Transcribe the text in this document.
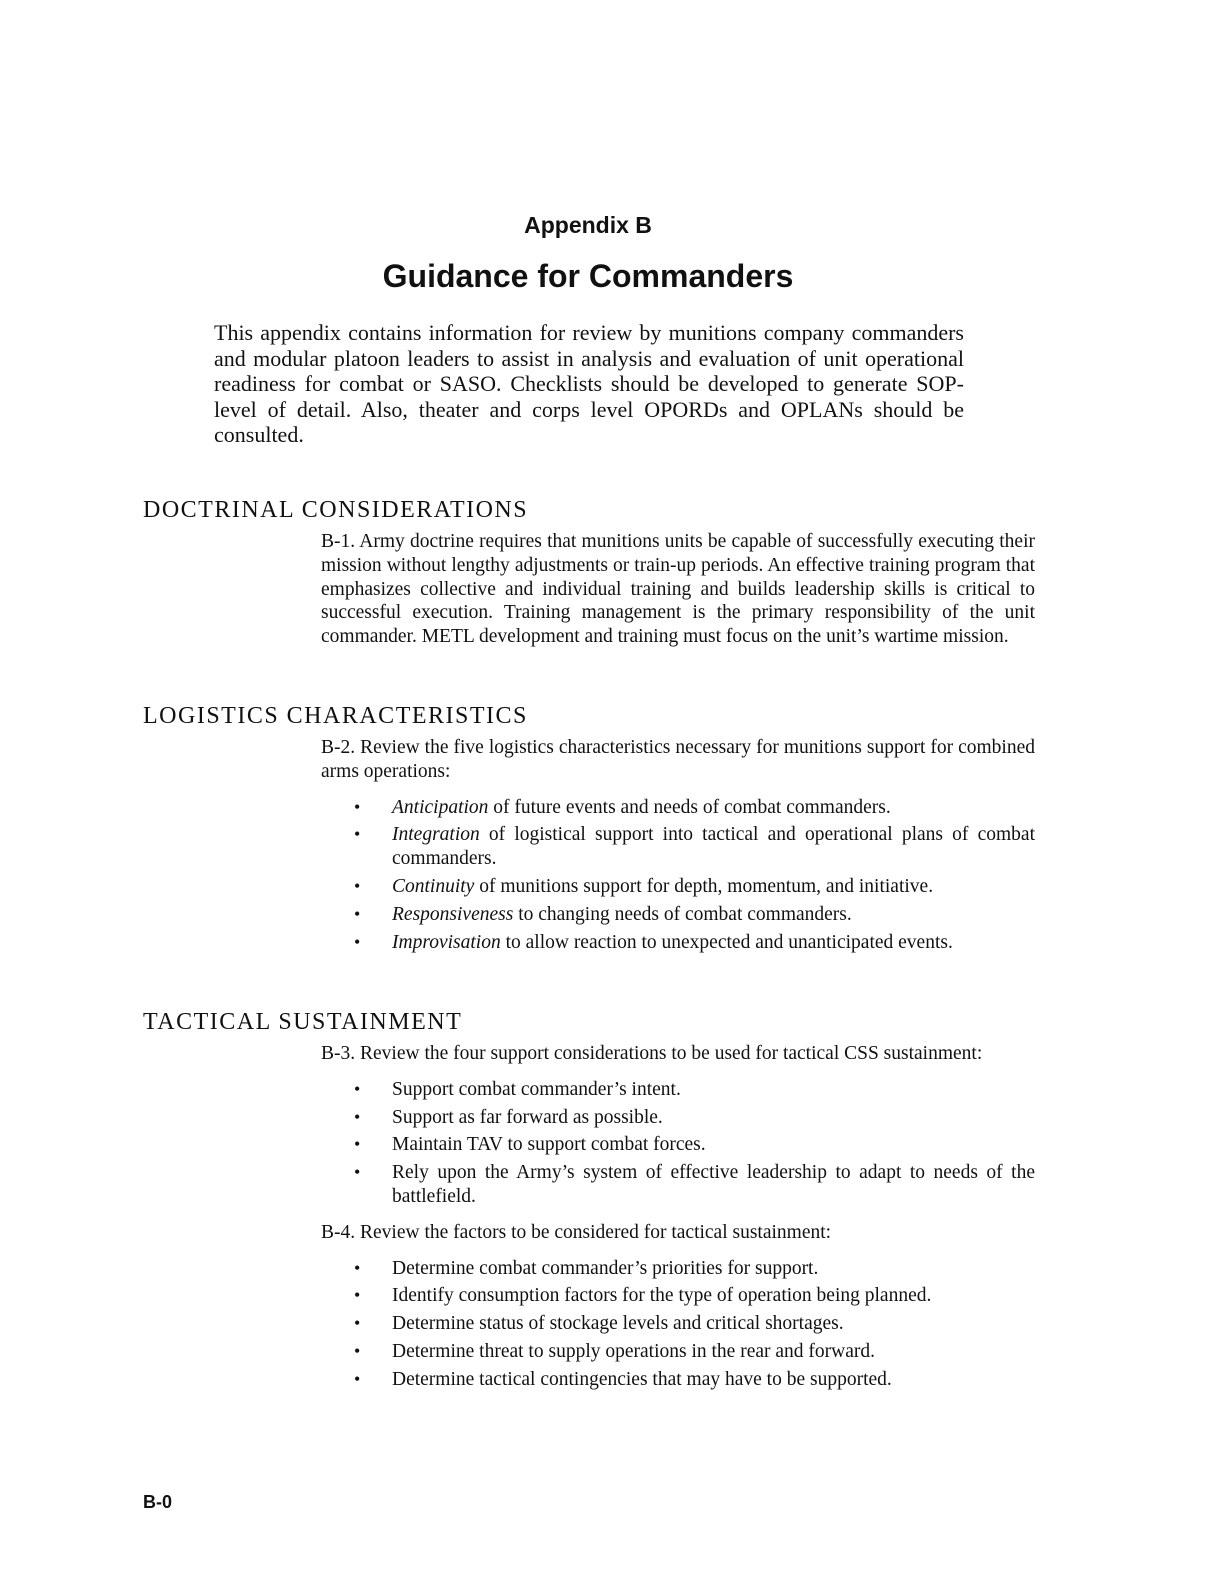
Appendix B
Guidance for Commanders

This appendix contains information for review by munitions company commanders and modular platoon leaders to assist in analysis and evaluation of unit operational readiness for combat or SASO. Checklists should be developed to generate SOP-level of detail. Also, theater and corps level OPORDs and OPLANs should be consulted.

DOCTRINAL CONSIDERATIONS

B-1. Army doctrine requires that munitions units be capable of successfully executing their mission without lengthy adjustments or train-up periods. An effective training program that emphasizes collective and individual training and builds leadership skills is critical to successful execution. Training management is the primary responsibility of the unit commander. METL development and training must focus on the unit’s wartime mission.

LOGISTICS CHARACTERISTICS

B-2. Review the five logistics characteristics necessary for munitions support for combined arms operations:

• Anticipation of future events and needs of combat commanders.
• Integration of logistical support into tactical and operational plans of combat commanders.
• Continuity of munitions support for depth, momentum, and initiative.
• Responsiveness to changing needs of combat commanders.
• Improvisation to allow reaction to unexpected and unanticipated events.
TACTICAL SUSTAINMENT

B-3. Review the four support considerations to be used for tactical CSS sustainment:

• Support combat commander’s intent.
• Support as far forward as possible.
• Maintain TAV to support combat forces.
• Rely upon the Army’s system of effective leadership to adapt to needs of the battlefield.

B-4. Review the factors to be considered for tactical sustainment:

• Determine combat commander’s priorities for support.
• Identify consumption factors for the type of operation being planned.
• Determine status of stockage levels and critical shortages.
• Determine threat to supply operations in the rear and forward.
• Determine tactical contingencies that may have to be supported.
B-0
